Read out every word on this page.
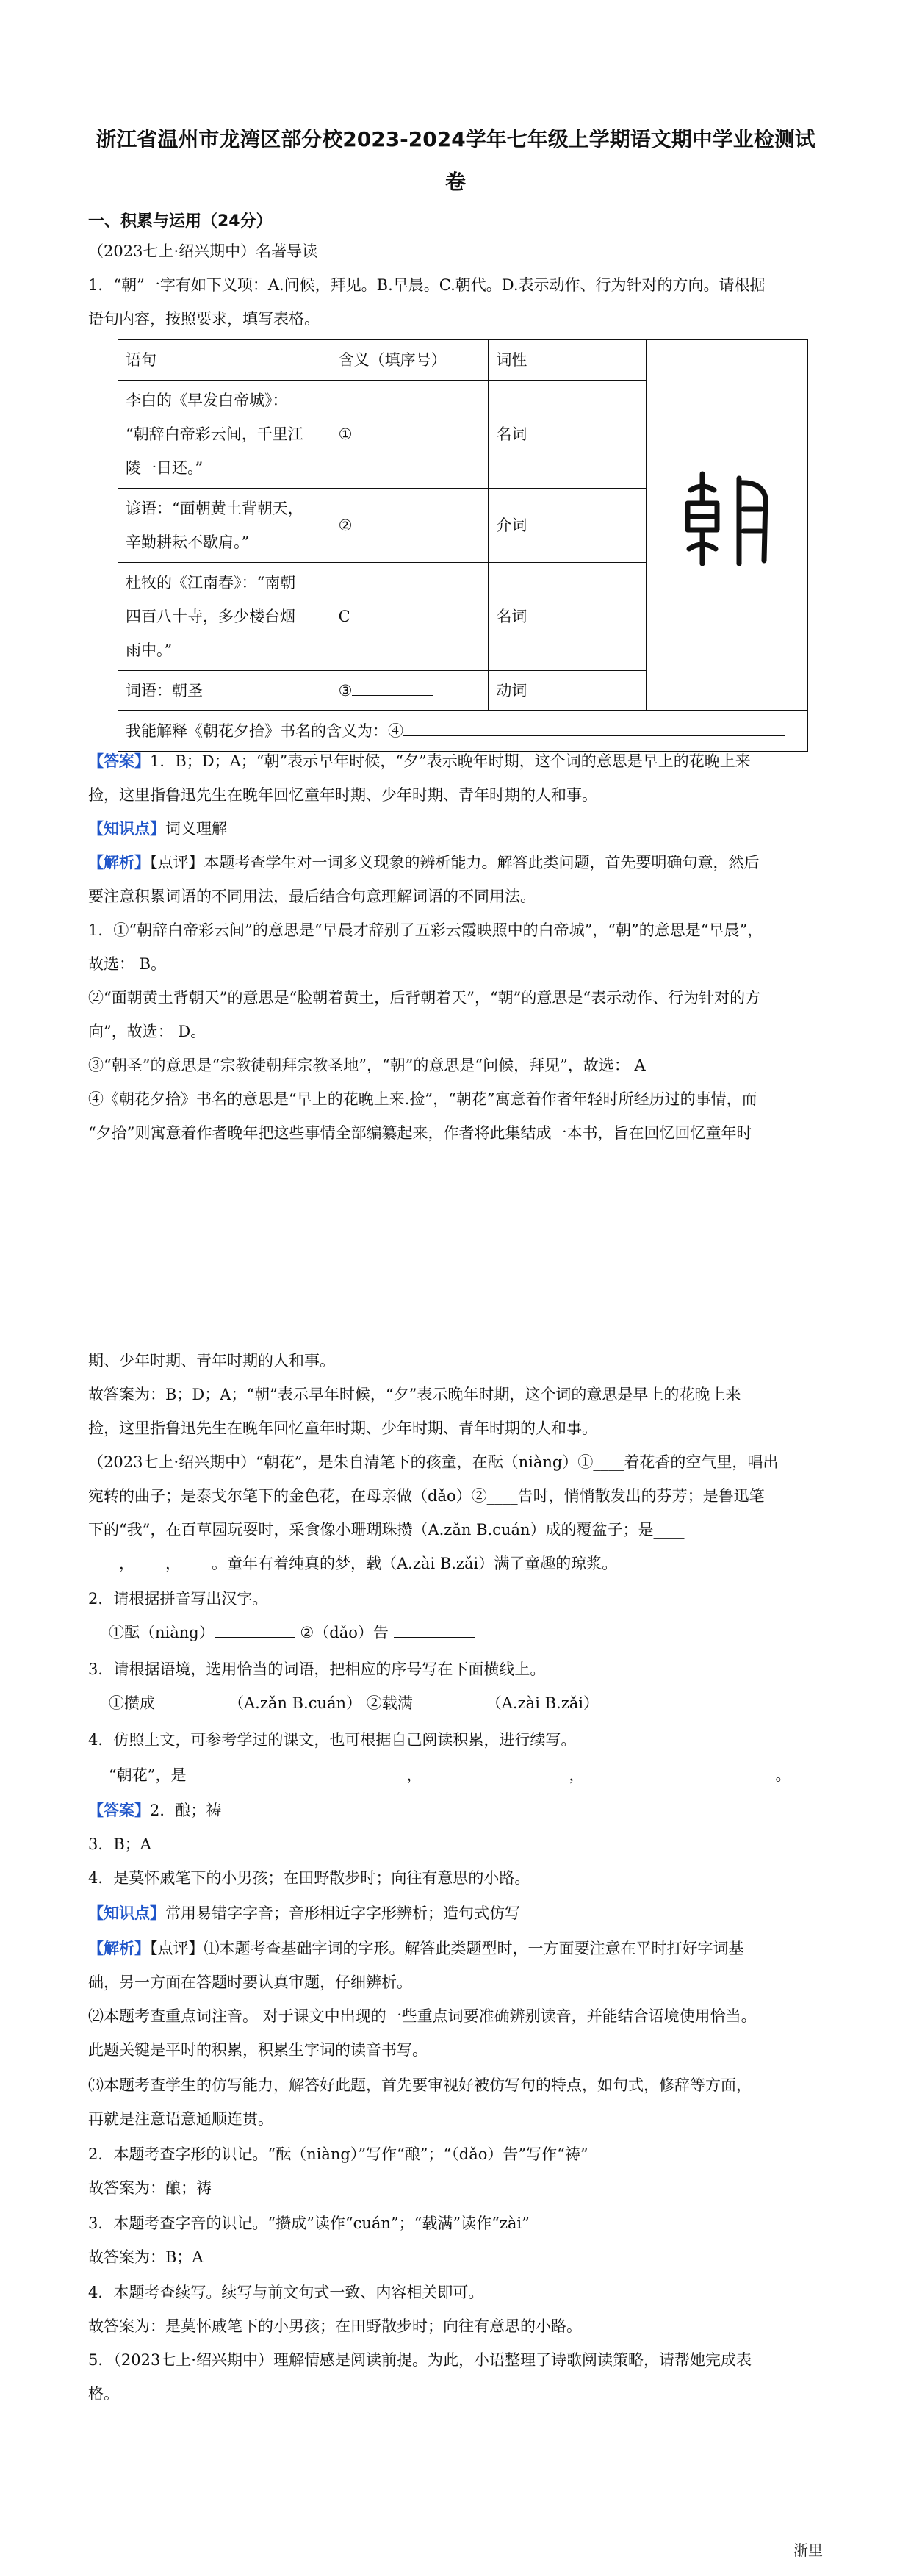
浙江省温州市龙湾区部分校2023-2024学年七年级上学期语文期中学业检测试
卷
一、积累与运用（24分）
（2023七上·绍兴期中）名著导读
1．“朝”一字有如下义项：A.问候，拜见。B.早晨。C.朝代。D.表示动作、行为针对的方向。请根据
语句内容，按照要求，填写表格。
语句	含义（填序号）	词性	

李白的《早发白帝城》：
“朝辞白帝彩云间，千里江
陵一日还。”	①	名词	

谚语：“面朝黄土背朝天，
辛勤耕耘不歇肩。”	②	介词	

杜牧的《江南春》：“南朝
四百八十寺，多少楼台烟
雨中。”	C	名词	
词语：朝圣	③	动词	
我能解释《朝花夕拾》书名的含义为：④			
【答案】1．B；D；A；“朝”表示早年时候，“夕”表示晚年时期，这个词的意思是早上的花晚上来
捡，这里指鲁迅先生在晚年回忆童年时期、少年时期、青年时期的人和事。
【知识点】词义理解
【解析】【点评】本题考查学生对一词多义现象的辨析能力。解答此类问题，首先要明确句意，然后
要注意积累词语的不同用法，最后结合句意理解词语的不同用法。
1．①“朝辞白帝彩云间”的意思是“早晨才辞别了五彩云霞映照中的白帝城”，“朝”的意思是“早晨”，
故选： B。
②“面朝黄土背朝天”的意思是“脸朝着黄土，后背朝着天”，“朝”的意思是“表示动作、行为针对的方
向”，故选： D。
③“朝圣”的意思是“宗教徒朝拜宗教圣地”，“朝”的意思是“问候，拜见”，故选： A
④《朝花夕拾》书名的意思是“早上的花晚上来.捡”，“朝花”寓意着作者年轻时所经历过的事情，而
“夕拾”则寓意着作者晚年把这些事情全部编纂起来，作者将此集结成一本书，旨在回忆回忆童年时
期、少年时期、青年时期的人和事。
故答案为：B；D；A；“朝”表示早年时候，“夕”表示晚年时期，这个词的意思是早上的花晚上来
捡，这里指鲁迅先生在晚年回忆童年时期、少年时期、青年时期的人和事。
（2023七上·绍兴期中）“朝花”，是朱自清笔下的孩童，在酝（niàng）①____着花香的空气里，唱出
宛转的曲子；是泰戈尔笔下的金色花，在母亲做（dǎo）②____告时，悄悄散发出的芬芳；是鲁迅笔
下的“我”，在百草园玩耍时，采食像小珊瑚珠攒（A.zǎn B.cuán）成的覆盆子；是____
____，____，____。童年有着纯真的梦，载（A.zài B.zǎi）满了童趣的琼浆。
2．请根据拼音写出汉字。
①酝（niàng）	②（dǎo）告
3．请根据语境，选用恰当的词语，把相应的序号写在下面横线上。
①攒成	（A.zǎn B.cuán） ②载满	（A.zài B.zǎi）
4．仿照上文，可参考学过的课文，也可根据自己阅读积累，进行续写。
“朝花”，是	，	，	。
【答案】2．酿；祷
3．B；A
4．是莫怀戚笔下的小男孩；在田野散步时；向往有意思的小路。
【知识点】常用易错字字音；音形相近字字形辨析；造句式仿写
【解析】【点评】⑴本题考查基础字词的字形。解答此类题型时，一方面要注意在平时打好字词基
础，另一方面在答题时要认真审题，仔细辨析。
⑵本题考查重点词注音。 对于课文中出现的一些重点词要准确辨别读音，并能结合语境使用恰当。
此题关键是平时的积累，积累生字词的读音书写。
⑶本题考查学生的仿写能力，解答好此题，首先要审视好被仿写句的特点，如句式，修辞等方面，
再就是注意语意通顺连贯。
2．本题考查字形的识记。“酝（niàng）”写作“酿”；“（dǎo）告”写作“祷”
故答案为：酿；祷
3．本题考查字音的识记。“攒成”读作“cuán”；“载满”读作“zài”
故答案为：B；A
4．本题考查续写。续写与前文句式一致、内容相关即可。
故答案为：是莫怀戚笔下的小男孩；在田野散步时；向往有意思的小路。
5．（2023七上·绍兴期中）理解情感是阅读前提。为此，小语整理了诗歌阅读策略，请帮她完成表
格。
浙里
